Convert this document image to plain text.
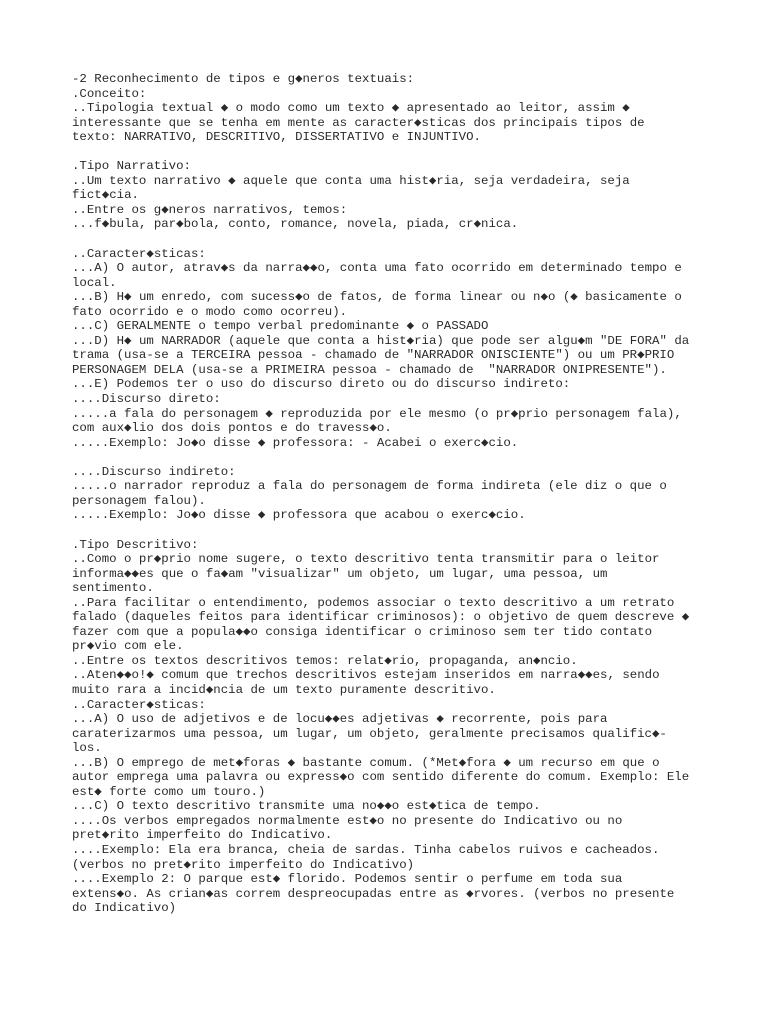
-2 Reconhecimento de tipos e g◆neros textuais:
.Conceito:
..Tipologia textual ◆ o modo como um texto ◆ apresentado ao leitor, assim ◆
interessante que se tenha em mente as caracter◆sticas dos principais tipos de
texto: NARRATIVO, DESCRITIVO, DISSERTATIVO e INJUNTIVO.
.Tipo Narrativo:
..Um texto narrativo ◆ aquele que conta uma hist◆ria, seja verdadeira, seja
fict◆cia.
..Entre os g◆neros narrativos, temos:
...f◆bula, par◆bola, conto, romance, novela, piada, cr◆nica.
..Caracter◆sticas:
...A) O autor, atrav◆s da narra◆◆o, conta uma fato ocorrido em determinado tempo e
local.
...B) H◆ um enredo, com sucess◆o de fatos, de forma linear ou n◆o (◆ basicamente o
fato ocorrido e o modo como ocorreu).
...C) GERALMENTE o tempo verbal predominante ◆ o PASSADO
...D) H◆ um NARRADOR (aquele que conta a hist◆ria) que pode ser algu◆m "DE FORA" da
trama (usa-se a TERCEIRA pessoa - chamado de "NARRADOR ONISCIENTE") ou um PR◆PRIO
PERSONAGEM DELA (usa-se a PRIMEIRA pessoa - chamado de  "NARRADOR ONIPRESENTE").
...E) Podemos ter o uso do discurso direto ou do discurso indireto:
....Discurso direto:
.....a fala do personagem ◆ reproduzida por ele mesmo (o pr◆prio personagem fala),
com aux◆lio dos dois pontos e do travess◆o.
.....Exemplo: Jo◆o disse ◆ professora: - Acabei o exerc◆cio.
....Discurso indireto:
.....o narrador reproduz a fala do personagem de forma indireta (ele diz o que o
personagem falou).
.....Exemplo: Jo◆o disse ◆ professora que acabou o exerc◆cio.
.Tipo Descritivo:
..Como o pr◆prio nome sugere, o texto descritivo tenta transmitir para o leitor
informa◆◆es que o fa◆am "visualizar" um objeto, um lugar, uma pessoa, um
sentimento.
..Para facilitar o entendimento, podemos associar o texto descritivo a um retrato
falado (daqueles feitos para identificar criminosos): o objetivo de quem descreve ◆
fazer com que a popula◆◆o consiga identificar o criminoso sem ter tido contato
pr◆vio com ele.
..Entre os textos descritivos temos: relat◆rio, propaganda, an◆ncio.
..Aten◆◆o!◆ comum que trechos descritivos estejam inseridos em narra◆◆es, sendo
muito rara a incid◆ncia de um texto puramente descritivo.
..Caracter◆sticas:
...A) O uso de adjetivos e de locu◆◆es adjetivas ◆ recorrente, pois para
caraterizarmos uma pessoa, um lugar, um objeto, geralmente precisamos qualific◆-
los.
...B) O emprego de met◆foras ◆ bastante comum. (*Met◆fora ◆ um recurso em que o
autor emprega uma palavra ou express◆o com sentido diferente do comum. Exemplo: Ele
est◆ forte como um touro.)
...C) O texto descritivo transmite uma no◆◆o est◆tica de tempo.
....Os verbos empregados normalmente est◆o no presente do Indicativo ou no
pret◆rito imperfeito do Indicativo.
....Exemplo: Ela era branca, cheia de sardas. Tinha cabelos ruivos e cacheados.
(verbos no pret◆rito imperfeito do Indicativo)
....Exemplo 2: O parque est◆ florido. Podemos sentir o perfume em toda sua
extens◆o. As crian◆as correm despreocupadas entre as ◆rvores. (verbos no presente
do Indicativo)
